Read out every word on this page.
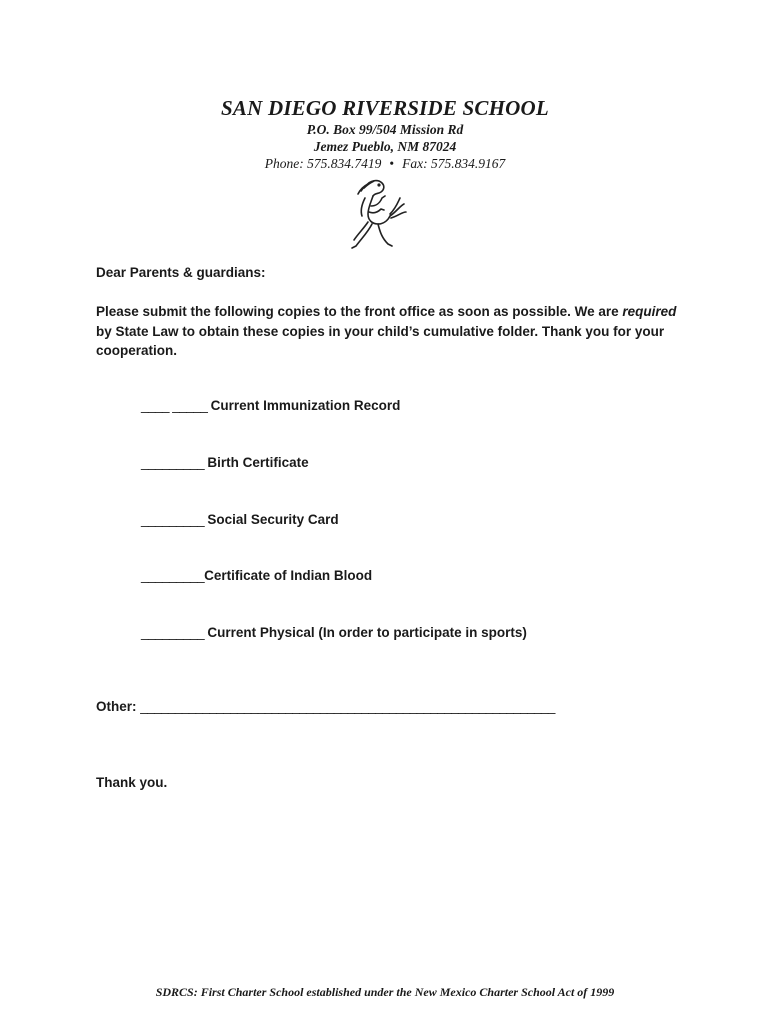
SAN DIEGO RIVERSIDE SCHOOL
P.O. Box 99/504 Mission Rd
Jemez Pueblo, NM 87024
Phone: 575.834.7419 • Fax: 575.834.9167
Dear Parents & guardians:
Please submit the following copies to the front office as soon as possible. We are required by State Law to obtain these copies in your child’s cumulative folder. Thank you for your cooperation.
____ _____ Current Immunization Record
_________ Birth Certificate
_________ Social Security Card
_________Certificate of Indian Blood
_________ Current Physical (In order to participate in sports)
Other: ____________________________________________________________
Thank you.
SDRCS: First Charter School established under the New Mexico Charter School Act of 1999
